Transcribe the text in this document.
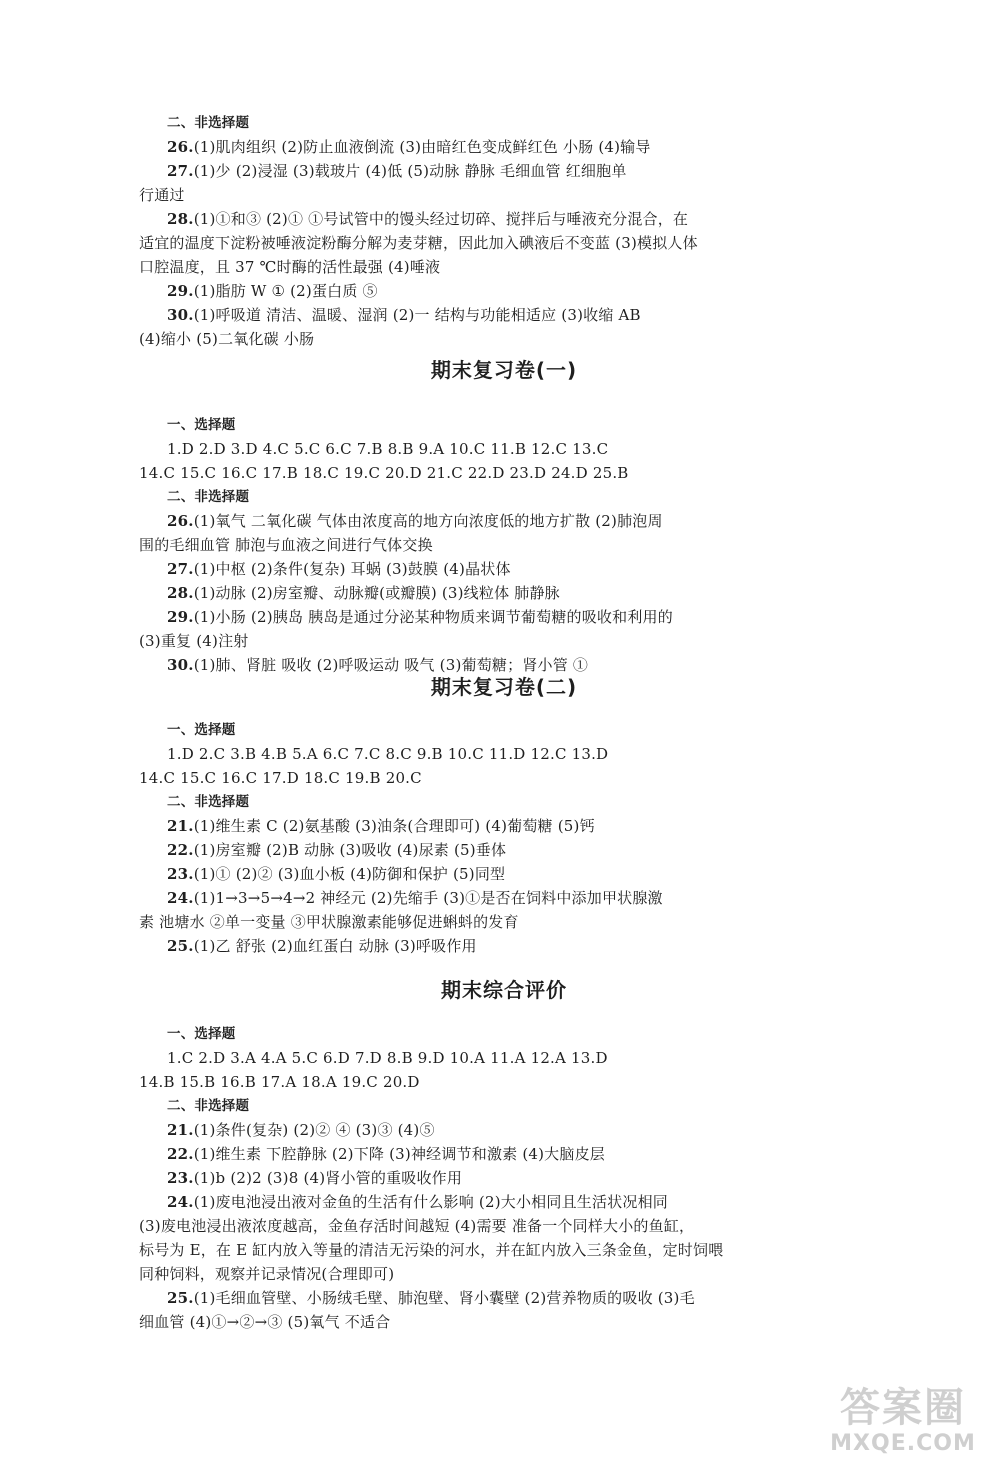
二、非选择题
26.(1)肌肉组织 (2)防止血液倒流 (3)由暗红色变成鲜红色 小肠 (4)输导
27.(1)少 (2)浸湿 (3)载玻片 (4)低 (5)动脉 静脉 毛细血管 红细胞单
行通过
28.(1)①和③ (2)① ①号试管中的馒头经过切碎、搅拌后与唾液充分混合，在
适宜的温度下淀粉被唾液淀粉酶分解为麦芽糖，因此加入碘液后不变蓝 (3)模拟人体
口腔温度，且 37 ℃时酶的活性最强 (4)唾液
29.(1)脂肪 W ① (2)蛋白质 ⑤
30.(1)呼吸道 清洁、温暖、湿润 (2)一 结构与功能相适应 (3)收缩 AB
(4)缩小 (5)二氧化碳 小肠
期末复习卷(一)
一、选择题
1.D 2.D 3.D 4.C 5.C 6.C 7.B 8.B 9.A 10.C 11.B 12.C 13.C
14.C 15.C 16.C 17.B 18.C 19.C 20.D 21.C 22.D 23.D 24.D 25.B
二、非选择题
26.(1)氧气 二氧化碳 气体由浓度高的地方向浓度低的地方扩散 (2)肺泡周
围的毛细血管 肺泡与血液之间进行气体交换
27.(1)中枢 (2)条件(复杂) 耳蜗 (3)鼓膜 (4)晶状体
28.(1)动脉 (2)房室瓣、动脉瓣(或瓣膜) (3)线粒体 肺静脉
29.(1)小肠 (2)胰岛 胰岛是通过分泌某种物质来调节葡萄糖的吸收和利用的
(3)重复 (4)注射
30.(1)肺、肾脏 吸收 (2)呼吸运动 吸气 (3)葡萄糖；肾小管 ①
期末复习卷(二)
一、选择题
1.D 2.C 3.B 4.B 5.A 6.C 7.C 8.C 9.B 10.C 11.D 12.C 13.D
14.C 15.C 16.C 17.D 18.C 19.B 20.C
二、非选择题
21.(1)维生素 C (2)氨基酸 (3)油条(合理即可) (4)葡萄糖 (5)钙
22.(1)房室瓣 (2)B 动脉 (3)吸收 (4)尿素 (5)垂体
23.(1)① (2)② (3)血小板 (4)防御和保护 (5)同型
24.(1)1→3→5→4→2 神经元 (2)先缩手 (3)①是否在饲料中添加甲状腺激
素 池塘水 ②单一变量 ③甲状腺激素能够促进蝌蚪的发育
25.(1)乙 舒张 (2)血红蛋白 动脉 (3)呼吸作用
期末综合评价
一、选择题
1.C 2.D 3.A 4.A 5.C 6.D 7.D 8.B 9.D 10.A 11.A 12.A 13.D
14.B 15.B 16.B 17.A 18.A 19.C 20.D
二、非选择题
21.(1)条件(复杂) (2)② ④ (3)③ (4)⑤
22.(1)维生素 下腔静脉 (2)下降 (3)神经调节和激素 (4)大脑皮层
23.(1)b (2)2 (3)8 (4)肾小管的重吸收作用
24.(1)废电池浸出液对金鱼的生活有什么影响 (2)大小相同且生活状况相同
(3)废电池浸出液浓度越高，金鱼存活时间越短 (4)需要 准备一个同样大小的鱼缸，
标号为 E，在 E 缸内放入等量的清洁无污染的河水，并在缸内放入三条金鱼，定时饲喂
同种饲料，观察并记录情况(合理即可)
25.(1)毛细血管壁、小肠绒毛壁、肺泡壁、肾小囊壁 (2)营养物质的吸收 (3)毛
细血管 (4)①→②→③ (5)氧气 不适合
答案圈
MXQE.COM
